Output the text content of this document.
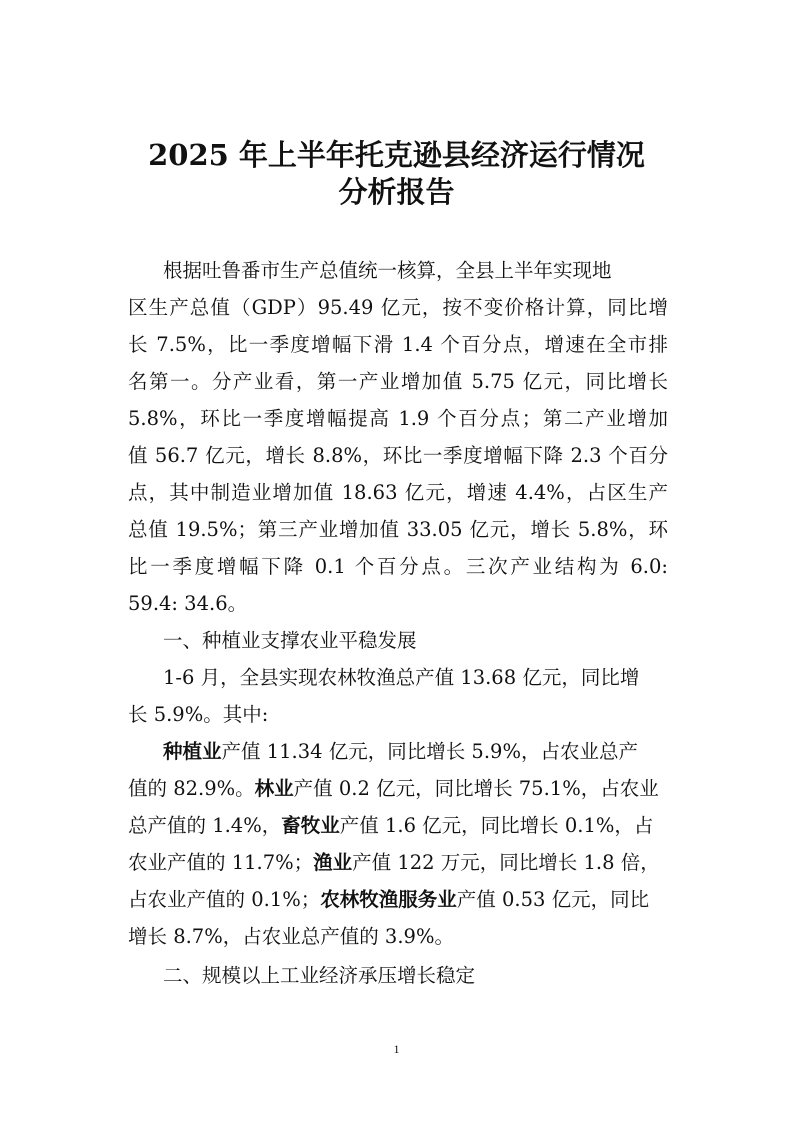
2025 年上半年托克逊县经济运行情况
分析报告
根据吐鲁番市生产总值统一核算，全县上半年实现地
区生产总值（GDP）95.49 亿元，按不变价格计算，同比增
长 7.5%，比一季度增幅下滑 1.4 个百分点，增速在全市排
名第一。分产业看，第一产业增加值 5.75 亿元，同比增长
5.8%，环比一季度增幅提高 1.9 个百分点；第二产业增加
值 56.7 亿元，增长 8.8%，环比一季度增幅下降 2.3 个百分
点，其中制造业增加值 18.63 亿元，增速 4.4%，占区生产
总值 19.5%；第三产业增加值 33.05 亿元，增长 5.8%，环
比一季度增幅下降 0.1 个百分点。三次产业结构为 6.0:
59.4: 34.6。
一、种植业支撑农业平稳发展
1-6 月，全县实现农林牧渔总产值 13.68 亿元，同比增
长 5.9%。其中:
种植业产值 11.34 亿元，同比增长 5.9%，占农业总产
值的 82.9%。林业产值 0.2 亿元，同比增长 75.1%，占农业
总产值的 1.4%，畜牧业产值 1.6 亿元，同比增长 0.1%，占
农业产值的 11.7%；渔业产值 122 万元，同比增长 1.8 倍，
占农业产值的 0.1%；农林牧渔服务业产值 0.53 亿元，同比
增长 8.7%，占农业总产值的 3.9%。
二、规模以上工业经济承压增长稳定
1
